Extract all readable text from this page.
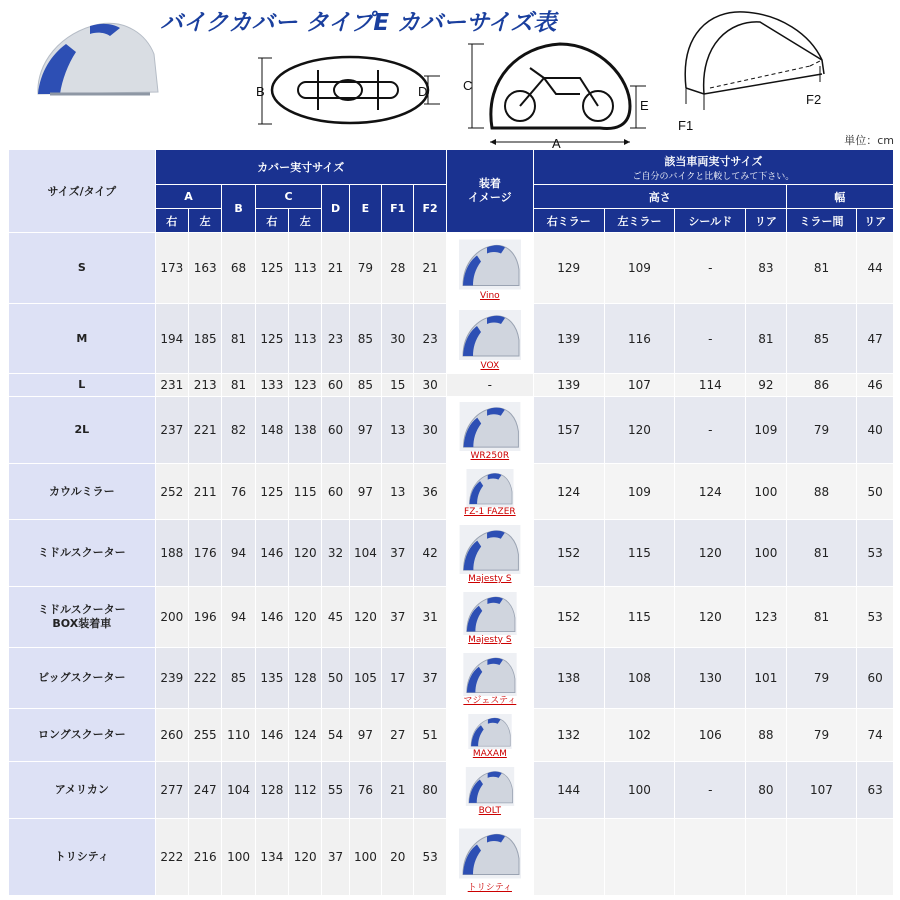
バイクカバー タイプE カバーサイズ表
B	D	C
E
A
F1
F2
単位：cm
サイズ/タイプ	カバー実寸サイズ									装着
イメージ	該当車両実寸サイズ
ご自分のバイクと比較してみて下さい。					

	A		B	C		D	E	F1	F2		高さ				幅	
	右	左		右	左						右ミラー	左ミラー	シールド	リア	ミラー間	リア
S	173	163	68	125	113	21	79	28	21	Vino	129	109	-	83	81	44
M	194	185	81	125	113	23	85	30	23	VOX	139	116	-	81	85	47
L	231	213	81	133	123	60	85	15	30	-	139	107	114	92	86	46
2L	237	221	82	148	138	60	97	13	30	WR250R	157	120	-	109	79	40
カウルミラー	252	211	76	125	115	60	97	13	36	FZ-1 FAZER	124	109	124	100	88	50
ミドルスクーター	188	176	94	146	120	32	104	37	42	Majesty S	152	115	120	100	81	53
ミドルスクーター
BOX装着車	200	196	94	146	120	45	120	37	31	Majesty S	152	115	120	123	81	53
ビッグスクーター	239	222	85	135	128	50	105	17	37	マジェスティ	138	108	130	101	79	60
ロングスクーター	260	255	110	146	124	54	97	27	51	MAXAM	132	102	106	88	79	74
アメリカン	277	247	104	128	112	55	76	21	80	BOLT	144	100	-	80	107	63
トリシティ	222	216	100	134	120	37	100	20	53	トリシティ						
